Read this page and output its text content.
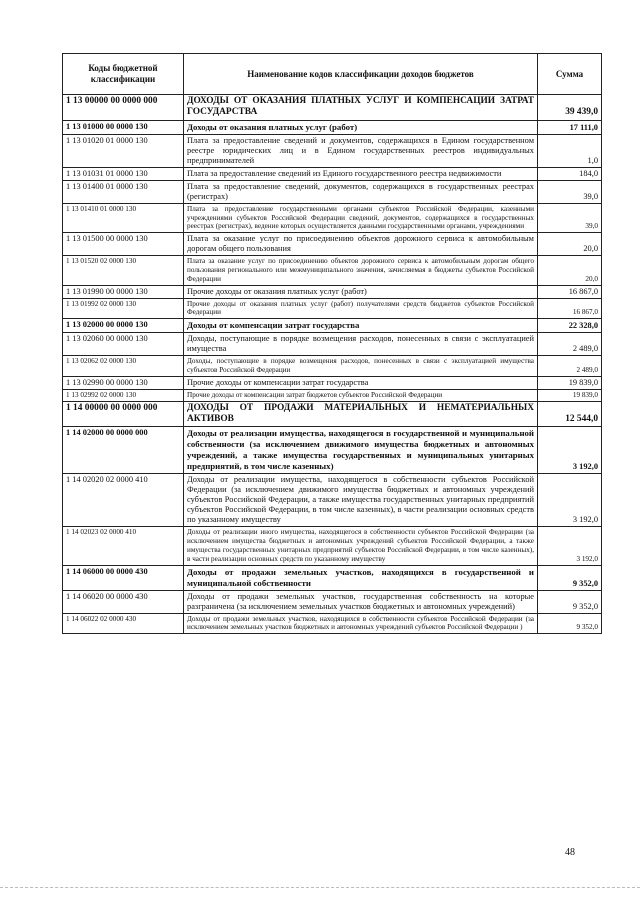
Коды бюджетной классификации	Наименование кодов классификации доходов бюджетов	Сумма
1 13 00000 00 0000 000	ДОХОДЫ ОТ ОКАЗАНИЯ ПЛАТНЫХ УСЛУГ И КОМПЕНСАЦИИ ЗАТРАТ ГОСУДАРСТВА	39 439,0
1 13 01000 00 0000 130	Доходы от оказания платных услуг (работ)	17 111,0
1 13 01020 01 0000 130	Плата за предоставление сведений и документов, содержащихся в Едином государственном реестре юридических лиц и в Едином государственных реестров индивидуальных предпринимателей	1,0
1 13 01031 01 0000 130	Плата за предоставление сведений из Единого государственного реестра недвижимости	184,0
1 13 01400 01 0000 130	Плата за предоставление сведений, документов, содержащихся в государственных реестрах (регистрах)	39,0
1 13 01410 01 0000 130	Плата за предоставление государственными органами субъектов Российской Федерации, казенными учреждениями субъектов Российской Федерации сведений, документов, содержащихся в государственных реестрах (регистрах), ведение которых осуществляется данными государственными органами, учреждениями	39,0
1 13 01500 00 0000 130	Плата за оказание услуг по присоединению объектов дорожного сервиса к автомобильным дорогам общего пользования	20,0
1 13 01520 02 0000 130	Плата за оказание услуг по присоединению объектов дорожного сервиса к автомобильным дорогам общего пользования регионального или межмуниципального значения, зачисляемая в бюджеты субъектов Российской Федерации	20,0
1 13 01990 00 0000 130	Прочие доходы от оказания платных услуг (работ)	16 867,0
1 13 01992 02 0000 130	Прочие доходы от оказания платных услуг (работ) получателями средств бюджетов субъектов Российской Федерации	16 867,0
1 13 02000 00 0000 130	Доходы от компенсации затрат государства	22 328,0
1 13 02060 00 0000 130	Доходы, поступающие в порядке возмещения расходов, понесенных в связи с эксплуатацией имущества	2 489,0
1 13 02062 02 0000 130	Доходы, поступающие в порядке возмещения расходов, понесенных в связи с эксплуатацией имущества субъектов Российской Федерации	2 489,0
1 13 02990 00 0000 130	Прочие доходы от компенсации затрат государства	19 839,0
1 13 02992 02 0000 130	Прочие доходы от компенсации затрат бюджетов субъектов Российской Федерации	19 839,0
1 14 00000 00 0000 000	ДОХОДЫ ОТ ПРОДАЖИ МАТЕРИАЛЬНЫХ И НЕМАТЕРИАЛЬНЫХ АКТИВОВ	12 544,0
1 14 02000 00 0000 000	Доходы от реализации имущества, находящегося в государственной и муниципальной собственности (за исключением движимого имущества бюджетных и автономных учреждений, а также имущества государственных и муниципальных унитарных предприятий, в том числе казенных)	3 192,0
1 14 02020 02 0000 410	Доходы от реализации имущества, находящегося в собственности субъектов Российской Федерации (за исключением движимого имущества бюджетных и автономных учреждений субъектов Российской Федерации, а также имущества государственных унитарных предприятий субъектов Российской Федерации, в том числе казенных), в части реализации основных средств по указанному имуществу	3 192,0
1 14 02023 02 0000 410	Доходы от реализации иного имущества, находящегося в собственности субъектов Российской Федерации (за исключением имущества бюджетных и автономных учреждений субъектов Российской Федерации, а также имущества государственных унитарных предприятий субъектов Российской Федерации, в том числе казенных), в части реализации основных средств по указанному имуществу	3 192,0
1 14 06000 00 0000 430	Доходы от продажи земельных участков, находящихся в государственной и муниципальной собственности	9 352,0
1 14 06020 00 0000 430	Доходы от продажи земельных участков, государственная собственность на которые разграничена (за исключением земельных участков бюджетных и автономных учреждений)	9 352,0
1 14 06022 02 0000 430	Доходы от продажи земельных участков, находящихся в собственности субъектов Российской Федерации (за исключением земельных участков бюджетных и автономных учреждений субъектов Российской Федерации )	9 352,0
48
